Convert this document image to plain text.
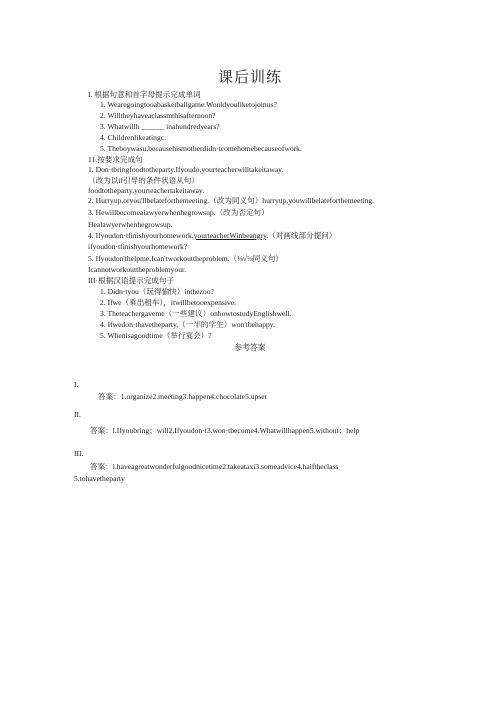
课后训练
I. 根据句意和首字母提示完成单词
1. Wearegoingtooabasketballgame.Wouldyouliketojoinus?
2. Willtheyhaveaclassmthisafternoon?
3. Whatwillh ______ inahundredyears?
4. Childrenlikeatingc.
5. Theboywasu,becausehismotherdidn·tcomehomebecauseofwork.
11.按要求完成句
1. Don·tbringfoodtotheparty.Ifyoudo,yourteacherwilltakeitaway.
（改为以if引导的条件状语从句）
foodtotheparty,yourteachertakeitaway.
2. Hurryup,oryou'llbelateforthemeeting.（改为同义句）hurryup,youwillbelateforthemeeting.
3. Hewillbecomealawyerwhenhegrowsup.（改为否定句）
Healawyerwhenhegrowsup.
4. Ifyoudon·tfinishyourhomework,yourteacherWinbeangry.（对画线部分提问）
ifyoudon·tfinishyourhomework?
5. Ifyoudon'thelpme,Ican'tworkouttheproblem.（⅛√⅛同义句）
Icannotworkouttheproblemyour.
III·根据汉语提示完成句子
1. Didn·tyou（玩得愉快）inthezoo?
2. Ifwe（乘出租车），itwillbetooexpensive.
3. Theteachergaveme（一些建议）onhowtostudyEnglishwell.
4. Ifwedon·thavetheparty,（一半的学生）won'tbehappy.
5. Whenisagoodtime（举行宴会）?
参考答案
I.
答案：1.organize2.meeting3.happen4.chocolate5.upset
II.
答案：l.Ifyoubring；will2.Ifyoudon·t3.won·tbecome4.Whatwillhappen5.without；help
III.
答案：l.haveagreatwonderfulgoodnicetime2.takeataxi3.someadvice4.halftheclass
5.tohavetheparty
